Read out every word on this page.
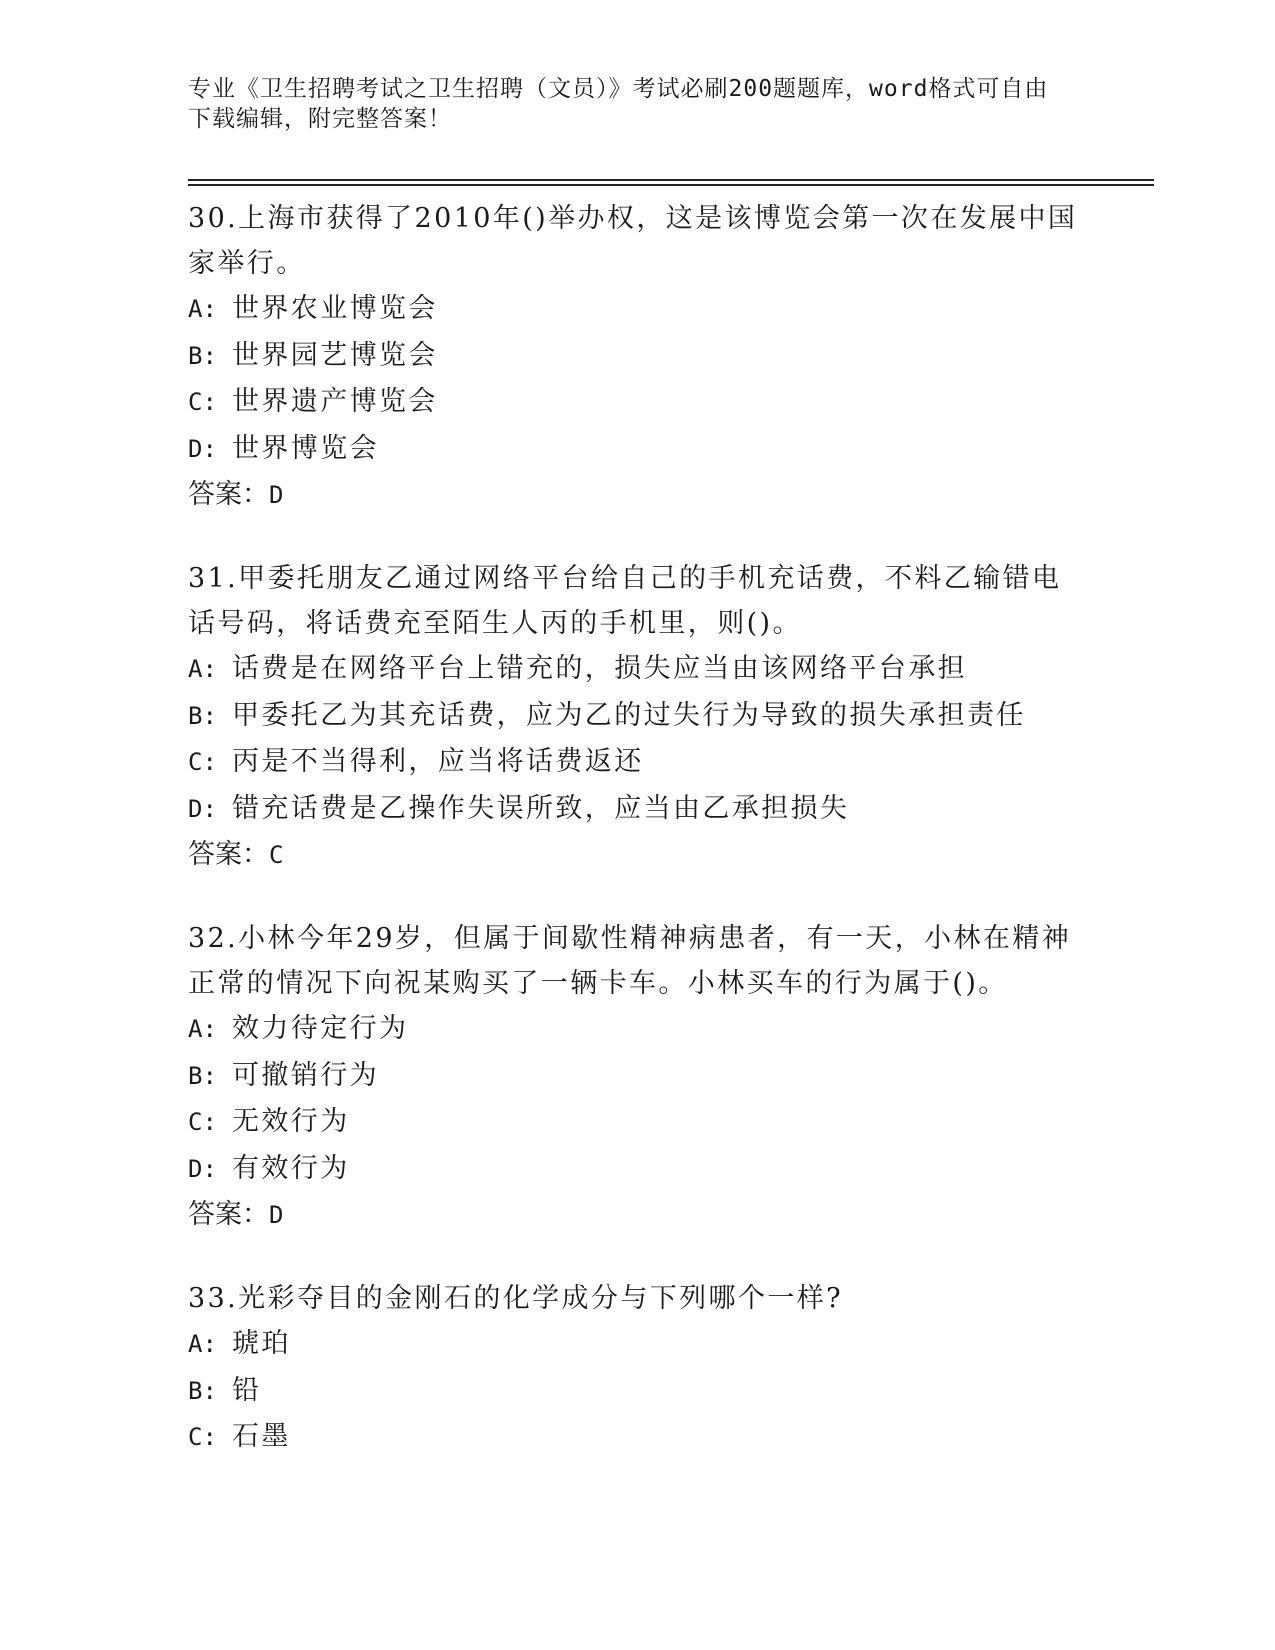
专业《卫生招聘考试之卫生招聘（文员）》考试必刷200题题库，word格式可自由下载编辑，附完整答案！
30.上海市获得了2010年()举办权，这是该博览会第一次在发展中国家举行。
A: 世界农业博览会
B: 世界园艺博览会
C: 世界遗产博览会
D: 世界博览会
答案：D
31.甲委托朋友乙通过网络平台给自己的手机充话费，不料乙输错电话号码，将话费充至陌生人丙的手机里，则()。
A: 话费是在网络平台上错充的，损失应当由该网络平台承担
B: 甲委托乙为其充话费，应为乙的过失行为导致的损失承担责任
C: 丙是不当得利，应当将话费返还
D: 错充话费是乙操作失误所致，应当由乙承担损失
答案：C
32.小林今年29岁，但属于间歇性精神病患者，有一天，小林在精神正常的情况下向祝某购买了一辆卡车。小林买车的行为属于()。
A: 效力待定行为
B: 可撤销行为
C: 无效行为
D: 有效行为
答案：D
33.光彩夺目的金刚石的化学成分与下列哪个一样?
A: 琥珀
B: 铅
C: 石墨
